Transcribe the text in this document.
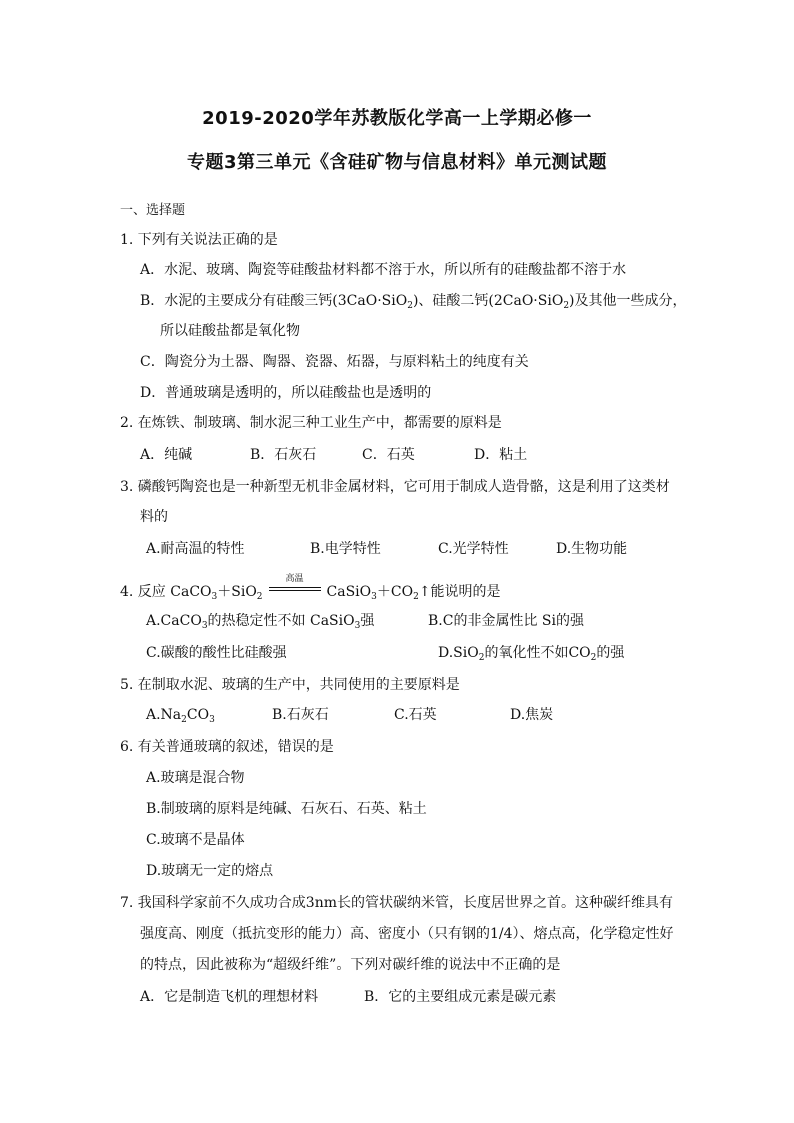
2019-2020学年苏教版化学高一上学期必修一
专题3第三单元《含硅矿物与信息材料》单元测试题
一、选择题
1. 下列有关说法正确的是
A．水泥、玻璃、陶瓷等硅酸盐材料都不溶于水，所以所有的硅酸盐都不溶于水
B．水泥的主要成分有硅酸三钙(3CaO·SiO$_2$)、硅酸二钙(2CaO·SiO$_2$)及其他一些成分，
所以硅酸盐都是氧化物
C．陶瓷分为土器、陶器、瓷器、炻器，与原料粘土的纯度有关
D．普通玻璃是透明的，所以硅酸盐也是透明的
2. 在炼铁、制玻璃、制水泥三种工业生产中，都需要的原料是
A．纯碱	B．石灰石	C．石英	D．粘土
3. 磷酸钙陶瓷也是一种新型无机非金属材料，它可用于制成人造骨骼，这是利用了这类材
料的
A.耐高温的特性	B.电学特性	C.光学特性	D.生物功能
4. 反应 CaCO$_3$＋SiO$_2$
高温
$CaSiO_3+CO_2↑$能说明的是
A.CaCO$_3$的热稳定性不如 CaSiO$_3$强	B.C的非金属性比 Si的强
C.碳酸的酸性比硅酸强	D.SiO$_2$的氧化性不如$CO_2$的强
5. 在制取水泥、玻璃的生产中，共同使用的主要原料是
$A.Na_2CO_3$	B.石灰石	C.石英	D.焦炭
6. 有关普通玻璃的叙述，错误的是
A.玻璃是混合物
B.制玻璃的原料是纯碱、石灰石、石英、粘土
C.玻璃不是晶体
D.玻璃无一定的熔点
7. 我国科学家前不久成功合成3nm长的管状碳纳米管，长度居世界之首。这种碳纤维具有
强度高、刚度（抵抗变形的能力）高、密度小（只有钢的1/4）、熔点高，化学稳定性好
的特点，因此被称为“超级纤维”。下列对碳纤维的说法中不正确的是
A．它是制造飞机的理想材料	B．它的主要组成元素是碳元素
